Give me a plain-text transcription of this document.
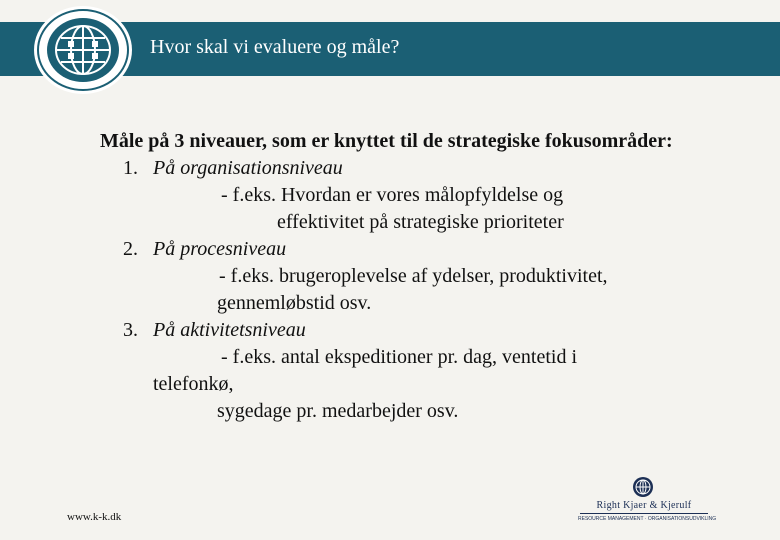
Hvor skal vi evaluere og måle?

Måle på 3 niveauer, som er knyttet til de strategiske fokusområder:

1. På organisationsniveau
- f.eks. Hvordan er vores målopfyldelse og
effektivitet på strategiske prioriteter
2. På procesniveau
- f.eks. brugeroplevelse af ydelser, produktivitet,
gennemløbstid osv.
3. På aktivitetsniveau
- f.eks. antal ekspeditioner pr. dag, ventetid i
telefonkø,
sygedage pr. medarbejder osv.
www.k-k.dk
Right Kjaer & Kjerulf
RESOURCE MANAGEMENT · ORGANISATIONSUDVIKLING
